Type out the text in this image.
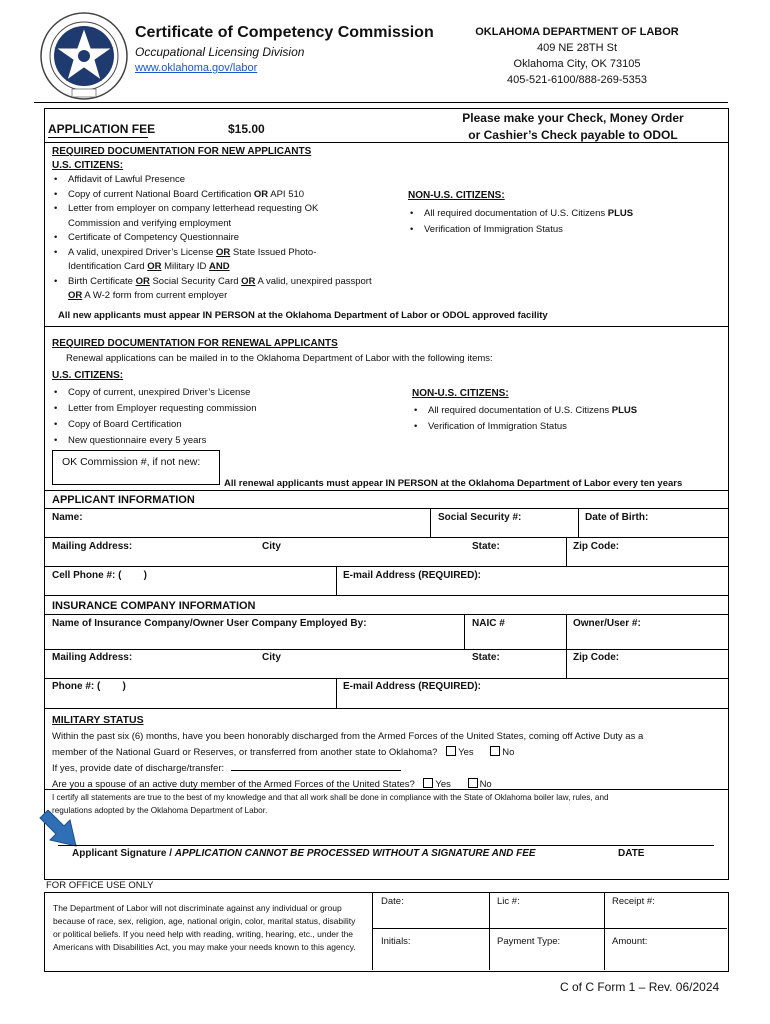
Certificate of Competency Commission
Occupational Licensing Division
www.oklahoma.gov/labor
OKLAHOMA DEPARTMENT OF LABOR
409 NE 28TH St
Oklahoma City, OK 73105
405-521-6100/888-269-5353
APPLICATION FEE	$15.00
Please make your Check, Money Order
or Cashier’s Check payable to ODOL
REQUIRED DOCUMENTATION FOR NEW APPLICANTS
U.S. CITIZENS:
• Affidavit of Lawful Presence
• Copy of current National Board Certification OR API 510
• Letter from employer on company letterhead requesting OK
Commission and verifying employment
• Certificate of Competency Questionnaire
• A valid, unexpired Driver’s License OR State Issued Photo-
Identification Card OR Military ID AND
• Birth Certificate OR Social Security Card OR A valid, unexpired passport
OR A W-2 form from current employer
NON-U.S. CITIZENS:
• All required documentation of U.S. Citizens PLUS
• Verification of Immigration Status
All new applicants must appear IN PERSON at the Oklahoma Department of Labor or ODOL approved facility
REQUIRED DOCUMENTATION FOR RENEWAL APPLICANTS
Renewal applications can be mailed in to the Oklahoma Department of Labor with the following items:
U.S. CITIZENS:
• Copy of current, unexpired Driver’s License
• Letter from Employer requesting commission
• Copy of Board Certification
• New questionnaire every 5 years
NON-U.S. CITIZENS:
• All required documentation of U.S. Citizens PLUS
• Verification of Immigration Status
OK Commission #, if not new:
All renewal applicants must appear IN PERSON at the Oklahoma Department of Labor every ten years
APPLICANT INFORMATION
Name:	Social Security #:	Date of Birth:
Mailing Address:	City	State:	Zip Code:
Cell Phone #: (        )	E-mail Address (REQUIRED):
INSURANCE COMPANY INFORMATION
Name of Insurance Company/Owner User Company Employed By:	NAIC #	Owner/User #:
Mailing Address:	City	State:	Zip Code:
Phone #: (        )	E-mail Address (REQUIRED):
MILITARY STATUS
Within the past six (6) months, have you been honorably discharged from the Armed Forces of the United States, coming off Active Duty as a
member of the National Guard or Reserves, or transferred from another state to Oklahoma? Yes	No
If yes, provide date of discharge/transfer:
Are you a spouse of an active duty member of the Armed Forces of the United States? Yes	No
I certify all statements are true to the best of my knowledge and that all work shall be done in compliance with the State of Oklahoma boiler law, rules, and
regulations adopted by the Oklahoma Department of Labor.
Applicant Signature / APPLICATION CANNOT BE PROCESSED WITHOUT A SIGNATURE AND FEE	DATE
FOR OFFICE USE ONLY
The Department of Labor will not discriminate against any individual or group because of race, sex, religion, age, national origin, color, marital status, disability or political beliefs. If you need help with reading, writing, hearing, etc., under the Americans with Disabilities Act, you may make your needs known to this agency.
Date:	Lic #:	Receipt #:
Initials:	Payment Type:	Amount:
C of C Form 1 – Rev. 06/2024
